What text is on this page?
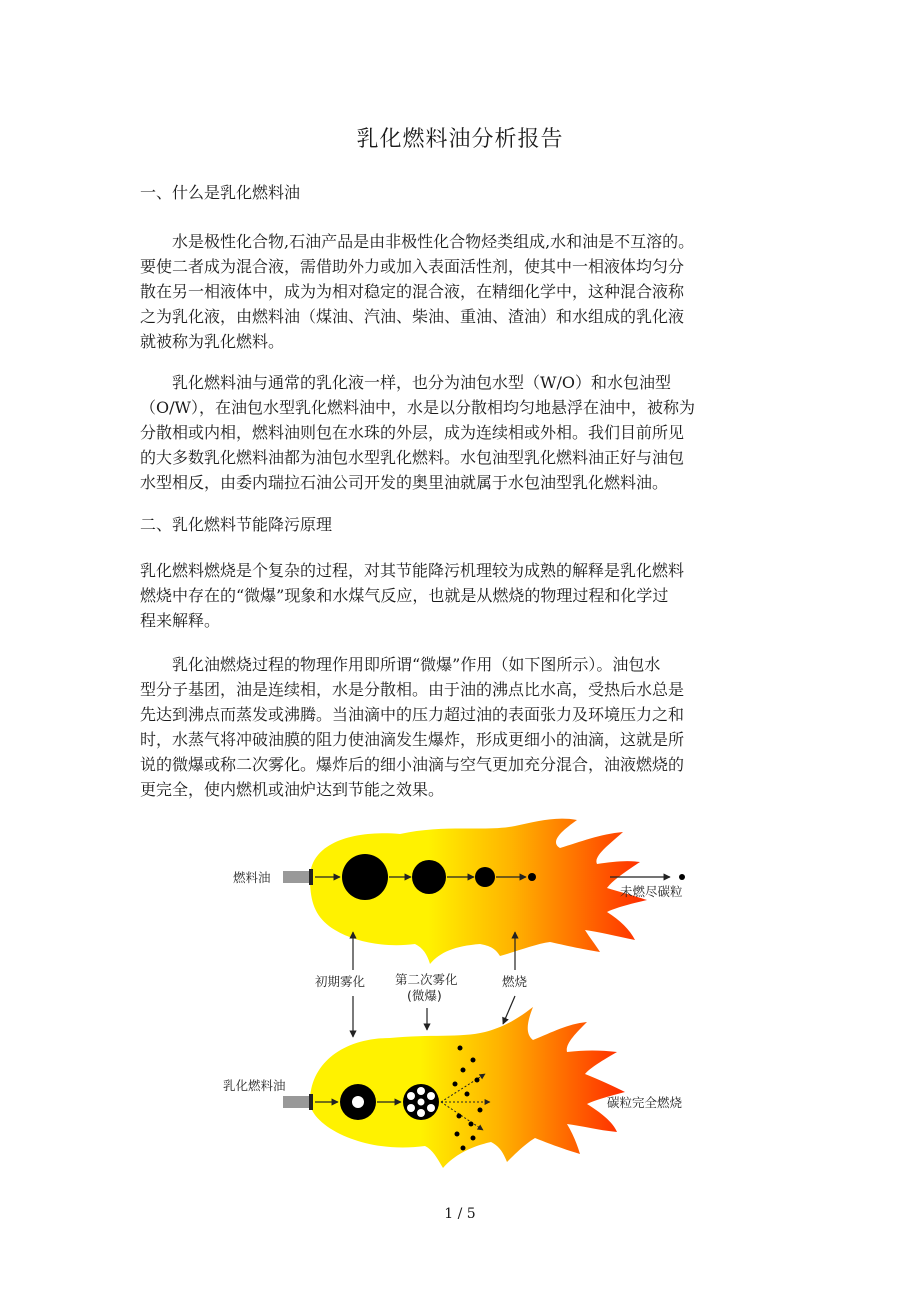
乳化燃料油分析报告
一、什么是乳化燃料油
　　水是极性化合物,石油产品是由非极性化合物烃类组成,水和油是不互溶的。
要使二者成为混合液，需借助外力或加入表面活性剂，使其中一相液体均匀分
散在另一相液体中，成为为相对稳定的混合液，在精细化学中，这种混合液称
之为乳化液，由燃料油（煤油、汽油、柴油、重油、渣油）和水组成的乳化液
就被称为乳化燃料。
　　乳化燃料油与通常的乳化液一样，也分为油包水型（W/O）和水包油型
（O/W），在油包水型乳化燃料油中，水是以分散相均匀地悬浮在油中，被称为
分散相或内相，燃料油则包在水珠的外层，成为连续相或外相。我们目前所见
的大多数乳化燃料油都为油包水型乳化燃料。水包油型乳化燃料油正好与油包
水型相反，由委内瑞拉石油公司开发的奥里油就属于水包油型乳化燃料油。
二、乳化燃料节能降污原理
乳化燃料燃烧是个复杂的过程，对其节能降污机理较为成熟的解释是乳化燃料
燃烧中存在的“微爆”现象和水煤气反应，也就是从燃烧的物理过程和化学过
程来解释。
　　乳化油燃烧过程的物理作用即所谓“微爆”作用（如下图所示）。油包水
型分子基团，油是连续相，水是分散相。由于油的沸点比水高，受热后水总是
先达到沸点而蒸发或沸腾。当油滴中的压力超过油的表面张力及环境压力之和
时，水蒸气将冲破油膜的阻力使油滴发生爆炸，形成更细小的油滴，这就是所
说的微爆或称二次雾化。爆炸后的细小油滴与空气更加充分混合，油液燃烧的
更完全，使内燃机或油炉达到节能之效果。
燃料油
未燃尽碳粒
初期雾化 第二次雾化
(微爆)
燃烧
乳化燃料油
碳粒完全燃烧
1 / 5
